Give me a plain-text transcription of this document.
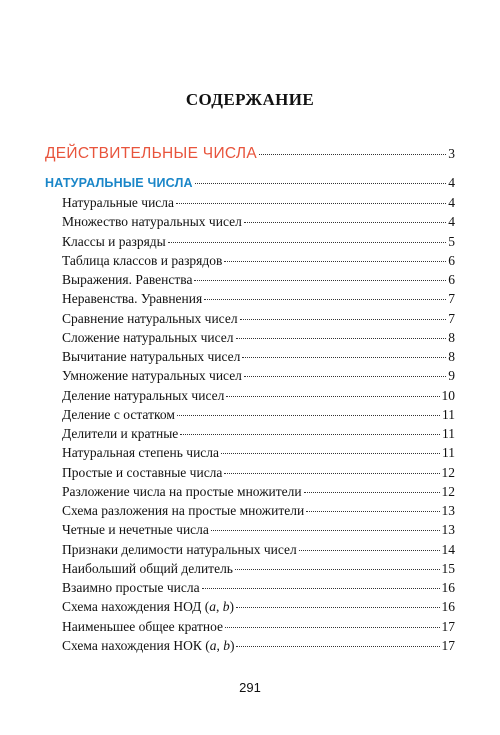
СОДЕРЖАНИЕ
ДЕЙСТВИТЕЛЬНЫЕ ЧИСЛА	3
НАТУРАЛЬНЫЕ ЧИСЛА	4
Натуральные числа	4
Множество натуральных чисел	4
Классы и разряды	5
Таблица классов и разрядов	6
Выражения. Равенства	6
Неравенства. Уравнения	7
Сравнение натуральных чисел	7
Сложение натуральных чисел	8
Вычитание натуральных чисел	8
Умножение натуральных чисел	9
Деление натуральных чисел	10
Деление с остатком	11
Делители и кратные	11
Натуральная степень числа	11
Простые и составные числа	12
Разложение числа на простые множители	12
Схема разложения на простые множители	13
Четные и нечетные числа	13
Признаки делимости натуральных чисел	14
Наибольший общий делитель	15
Взаимно простые числа	16
Схема нахождения НОД (a, b)	16
Наименьшее общее кратное	17
Схема нахождения НОК (a, b)	17
291
